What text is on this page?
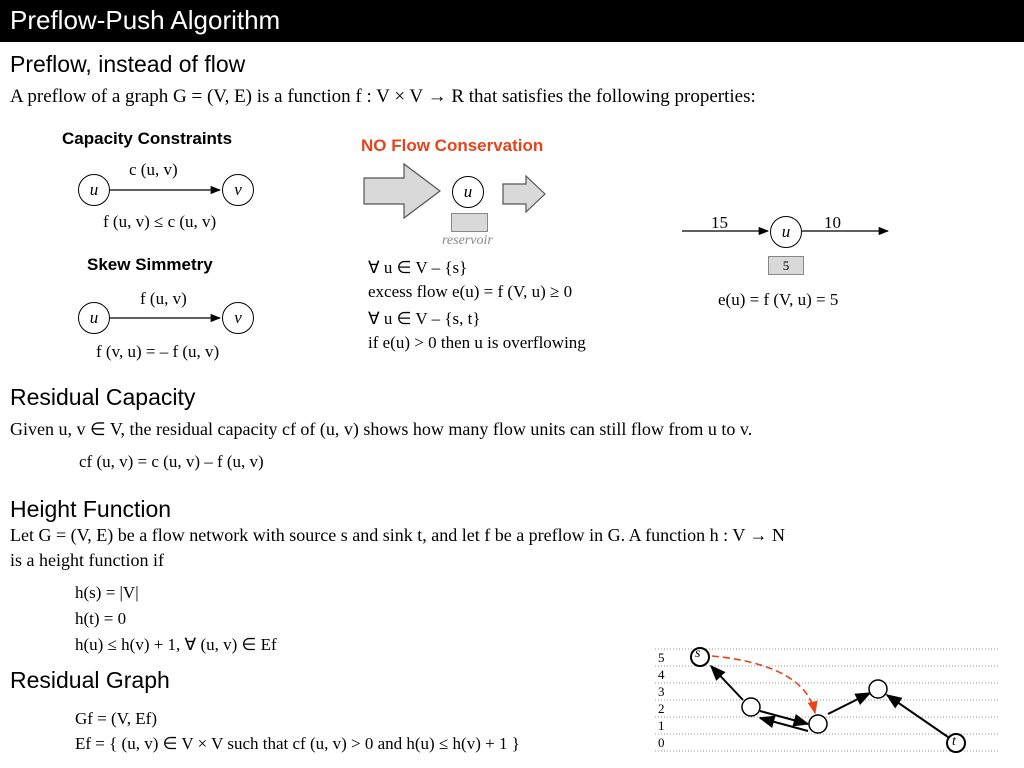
Preflow-Push Algorithm
Preflow, instead of flow
A preflow of a graph G = (V, E) is a function f : V × V → R that satisfies the following properties:
Capacity Constraints
c (u, v)
u	v
f (u, v) ≤ c (u, v)
Skew Simmetry
f (u, v)
u	v
f (v, u) = – f (u, v)
NO Flow Conservation
u
reservoir
∀ u ∈ V – {s}
excess flow e(u) = f (V, u) ≥ 0
∀ u ∈ V – {s, t}
if e(u) > 0 then u is overflowing
15	10
u
5
e(u) = f (V, u) = 5
Residual Capacity
Given u, v ∈ V, the residual capacity cf of (u, v) shows how many flow units can still flow from u to v.
cf (u, v) = c (u, v) – f (u, v)
Height Function
Let G = (V, E) be a flow network with source s and sink t, and let f be a preflow in G. A function h : V → N
is a height function if
h(s) = |V|
h(t) = 0
h(u) ≤ h(v) + 1, ∀ (u, v) ∈ Ef
Residual Graph
Gf = (V, Ef)
Ef = { (u, v) ∈ V × V such that cf (u, v) > 0 and h(u) ≤ h(v) + 1 }
5
4
3
2
1
0
s
t
